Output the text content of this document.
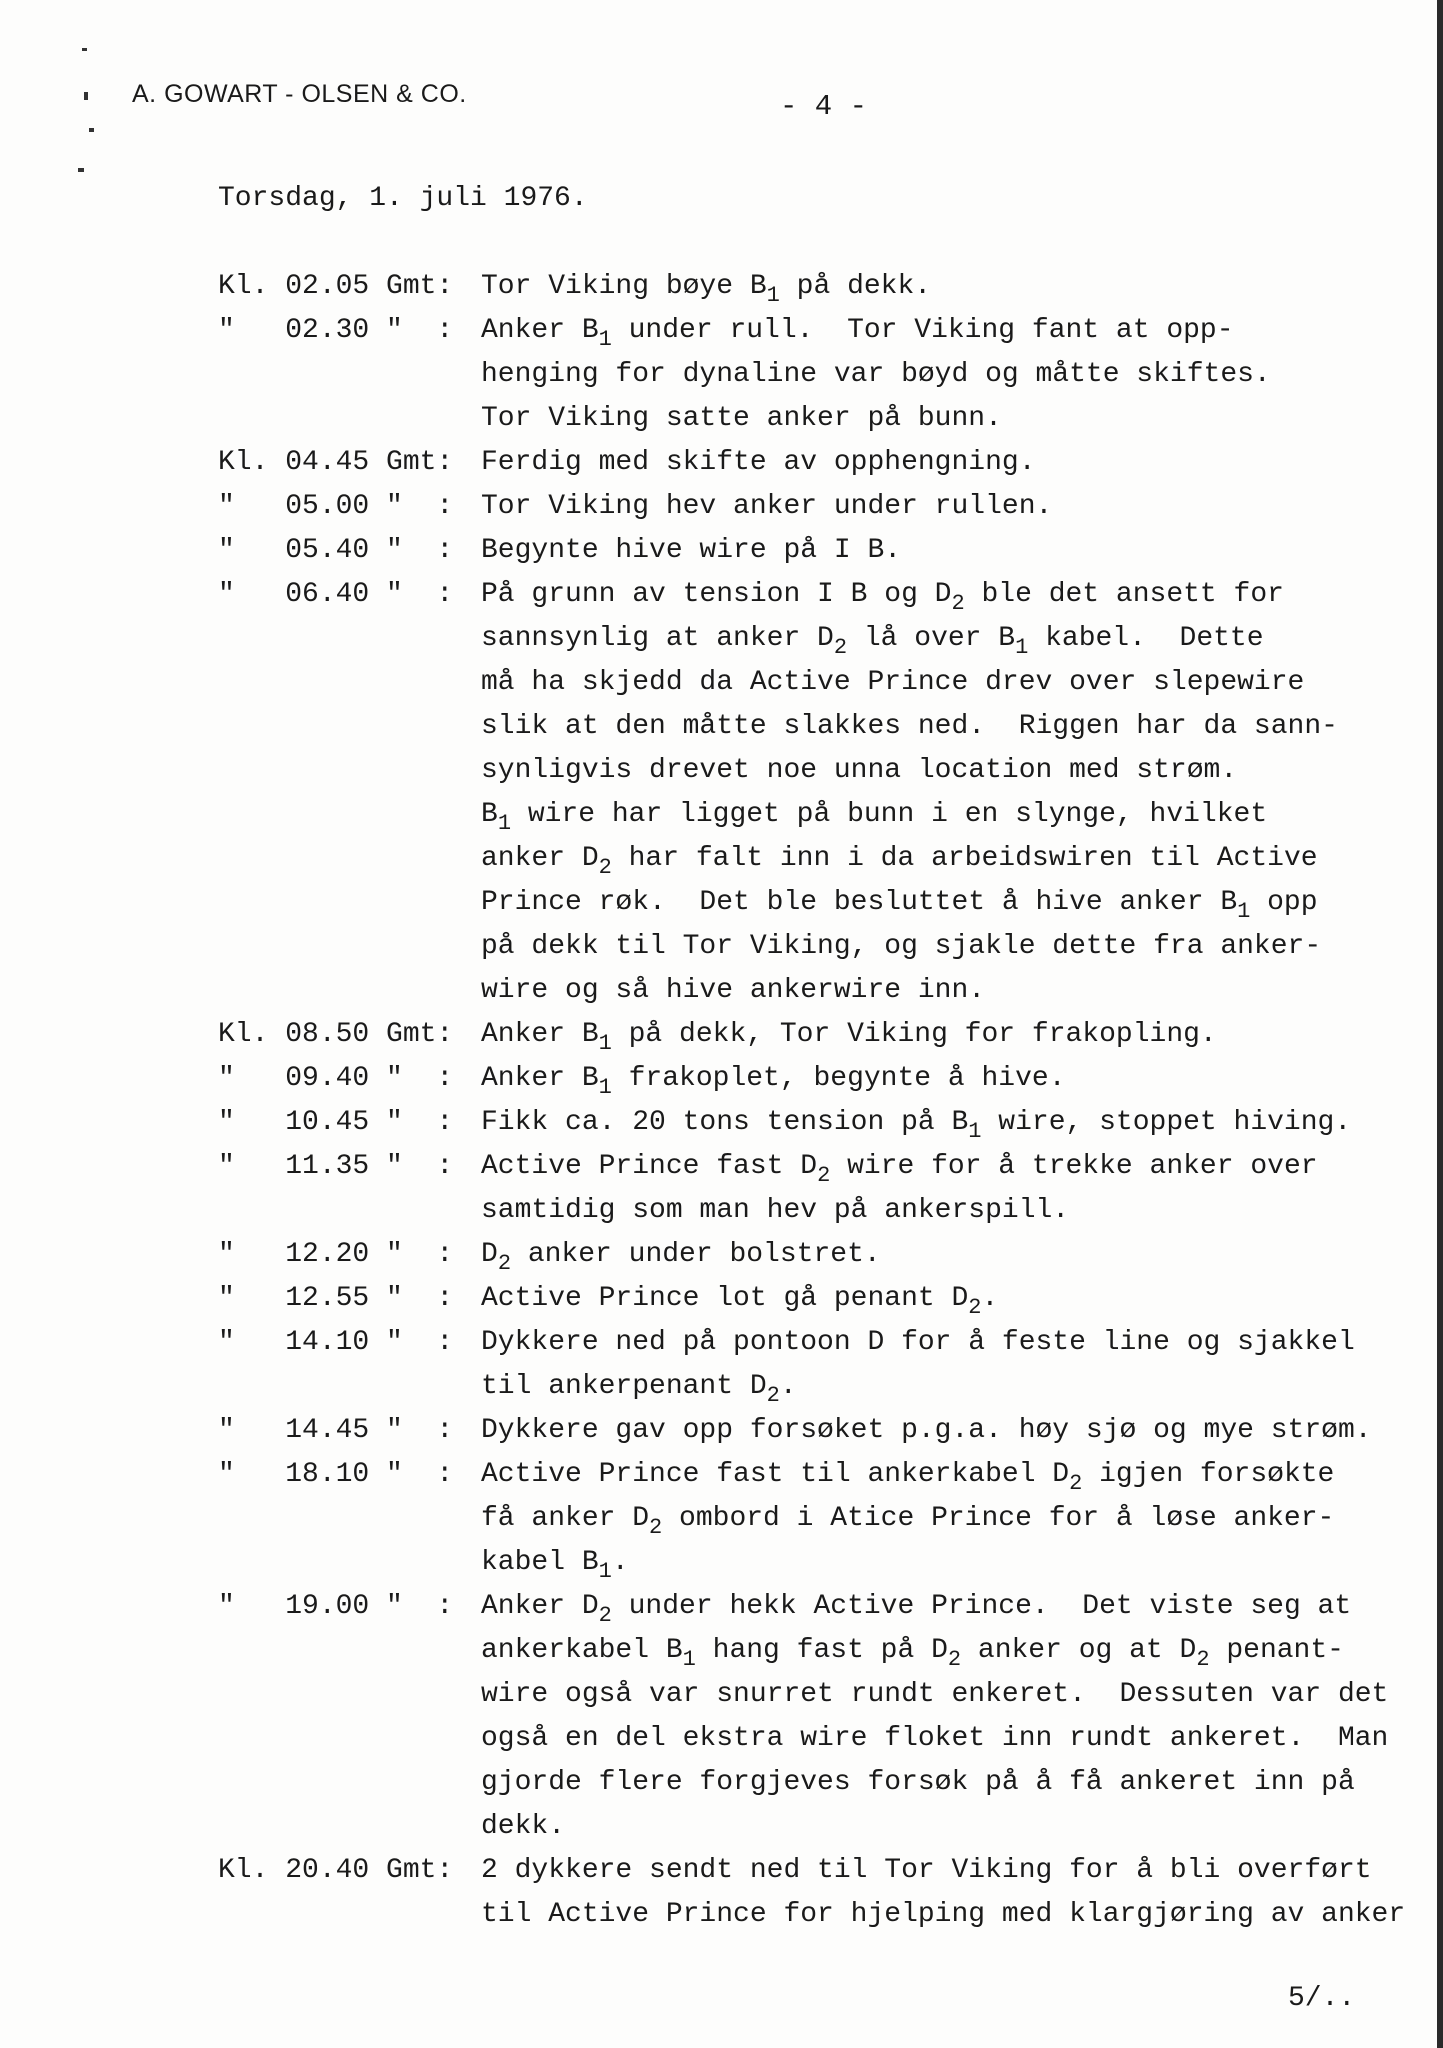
A. GOWART - OLSEN & CO.	- 4 -
Torsdag, 1. juli 1976.
Kl. 02.05 Gmt: Tor Viking bøye $B_1$ på dekk.
"   02.30 "  : Anker $B_1$ under rull.  Tor Viking fant at opp-
henging for dynaline var bøyd og måtte skiftes.
Tor Viking satte anker på bunn.
Kl. 04.45 Gmt: Ferdig med skifte av opphengning.
"   05.00 "  : Tor Viking hev anker under rullen.
"   05.40 "  : Begynte hive wire på I B.
"   06.40 "  : På grunn av tension I B og $D_2$ ble det ansett for
sannsynlig at anker $D_2$ lå over $B_1$ kabel.  Dette
må ha skjedd da Active Prince drev over slepewire
slik at den måtte slakkes ned.  Riggen har da sann-
synligvis drevet noe unna location med strøm.
$B_1$ wire har ligget på bunn i en slynge, hvilket
anker $D_2$ har falt inn i da arbeidswiren til Active
Prince røk.  Det ble besluttet å hive anker $B_1$ opp
på dekk til Tor Viking, og sjakle dette fra anker-
wire og så hive ankerwire inn.
Kl. 08.50 Gmt: Anker $B_1$ på dekk, Tor Viking for frakopling.
"   09.40 "  : Anker $B_1$ frakoplet, begynte å hive.
"   10.45 "  : Fikk ca. 20 tons tension på $B_1$ wire, stoppet hiving.
"   11.35 "  : Active Prince fast $D_2$ wire for å trekke anker over
samtidig som man hev på ankerspill.
"   12.20 "  : $D_2$ anker under bolstret.
"   12.55 "  : Active Prince lot gå penant $D_2$.
"   14.10 "  : Dykkere ned på pontoon D for å feste line og sjakkel
til ankerpenant $D_2$.
"   14.45 "  : Dykkere gav opp forsøket p.g.a. høy sjø og mye strøm.
"   18.10 "  : Active Prince fast til ankerkabel $D_2$ igjen forsøkte
få anker $D_2$ ombord i Atice Prince for å løse anker-
kabel $B_1$.
"   19.00 "  : Anker $D_2$ under hekk Active Prince.  Det viste seg at
ankerkabel $B_1$ hang fast på $D_2$ anker og at $D_2$ penant-
wire også var snurret rundt enkeret.  Dessuten var det
også en del ekstra wire floket inn rundt ankeret.  Man
gjorde flere forgjeves forsøk på å få ankeret inn på
dekk.
Kl. 20.40 Gmt: 2 dykkere sendt ned til Tor Viking for å bli overført
til Active Prince for hjelping med klargjøring av anker
5/..
